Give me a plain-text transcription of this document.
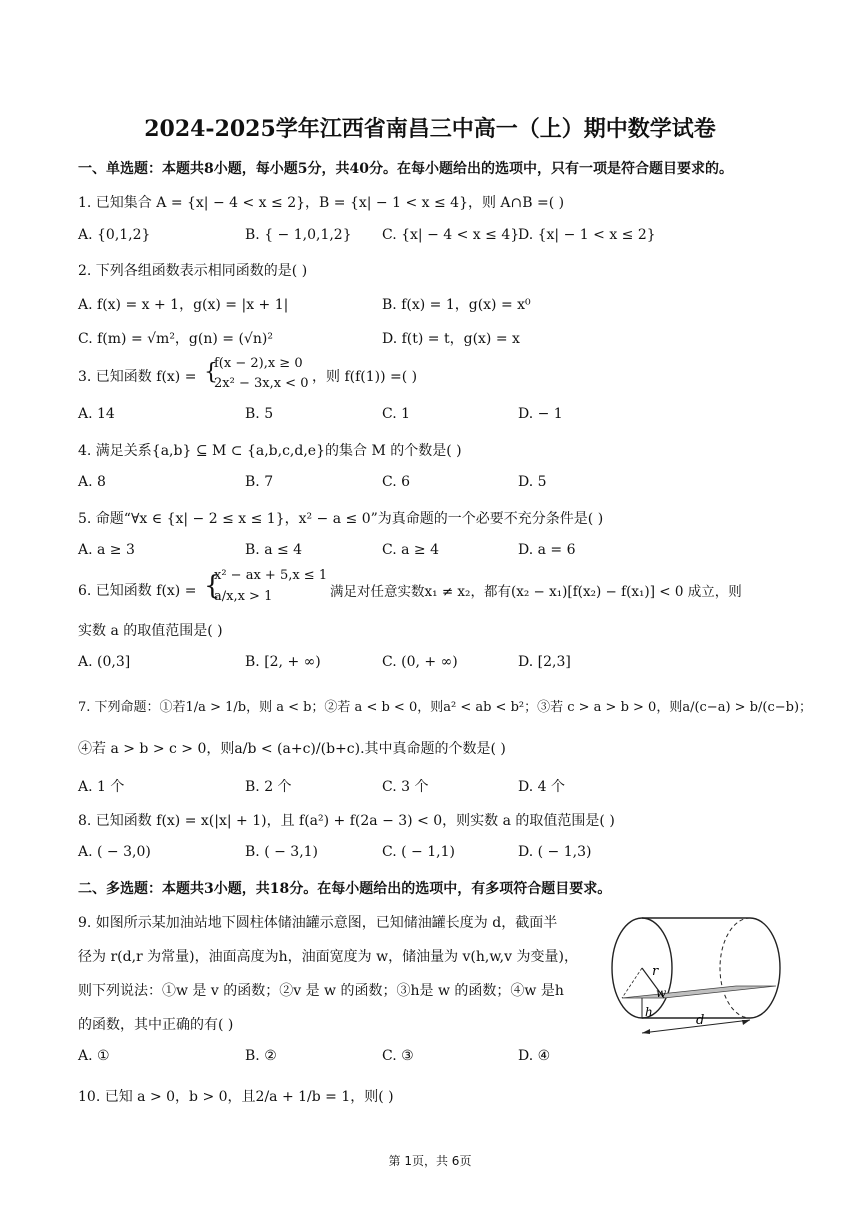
2024-2025学年江西省南昌三中高一（上）期中数学试卷
一、单选题：本题共8小题，每小题5分，共40分。在每小题给出的选项中，只有一项是符合题目要求的。
1. 已知集合 A = {x| − 4 < x ≤ 2}，B = {x| − 1 < x ≤ 4}，则 A∩B =( )
A. {0,1,2}	B. { − 1,0,1,2} C. {x| − 4 < x ≤ 4}
D. {x| − 1 < x ≤ 2}
2. 下列各组函数表示相同函数的是( )
A. f(x) = x + 1，g(x) = |x + 1|	B. f(x) = 1，g(x) = x⁰
C. f(m) = √m²，g(n) = (√n)²	D. f(t) = t，g(x) = x
3. 已知函数 f(x) = {
f(x − 2),x ≥ 0
2x² − 3x,x < 0 ，则 f(f(1)) =( )
A. 14	B. 5	C. 1	D. − 1
4. 满足关系{a,b} ⊆ M ⊂ {a,b,c,d,e}的集合 M 的个数是( )
A. 8	B. 7	C. 6	D. 5
5. 命题“∀x ∈ {x| − 2 ≤ x ≤ 1}，x² − a ≤ 0”为真命题的一个必要不充分条件是( )
A. a ≥ 3	B. a ≤ 4	C. a ≥ 4	D. a = 6
6. 已知函数 f(x) = {
x² − ax + 5,x ≤ 1
a/x,x > 1	满足对任意实数x₁ ≠ x₂，都有(x₂ − x₁)[f(x₂) − f(x₁)] < 0 成立，则
实数 a 的取值范围是( )
A. (0,3]	B. [2, + ∞)	C. (0, + ∞)	D. [2,3]
7. 下列命题：①若1/a > 1/b，则 a < b；②若 a < b < 0，则a² < ab < b²；③若 c > a > b > 0，则a/(c−a) > b/(c−b)；
④若 a > b > c > 0，则a/b < (a+c)/(b+c).其中真命题的个数是( )
A. 1 个	B. 2 个	C. 3 个	D. 4 个
8. 已知函数 f(x) = x(|x| + 1)，且 f(a²) + f(2a − 3) < 0，则实数 a 的取值范围是( )
A. ( − 3,0)	B. ( − 3,1)	C. ( − 1,1)	D. ( − 1,3)
二、多选题：本题共3小题，共18分。在每小题给出的选项中，有多项符合题目要求。
9. 如图所示某加油站地下圆柱体储油罐示意图，已知储油罐长度为 d，截面半
径为 r(d,r 为常量)，油面高度为h，油面宽度为 w，储油量为 v(h,w,v 为变量)，
则下列说法：①w 是 v 的函数；②v 是 w 的函数；③h是 w 的函数；④w 是h
的函数，其中正确的有( )
A. ①	B. ②	C. ③	D. ④
r
w
h
d
10. 已知 a > 0，b > 0，且2/a + 1/b = 1，则( )
第 1页，共 6页
